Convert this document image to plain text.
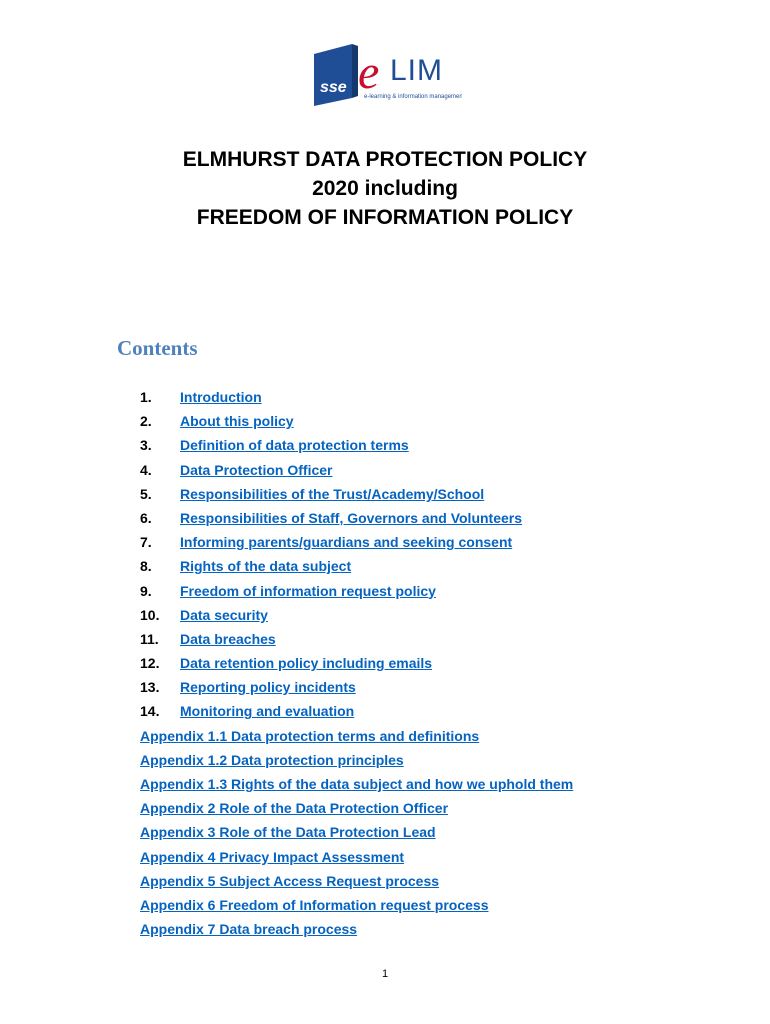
sse e LIM
e-learning & information management
ELMHURST DATA PROTECTION POLICY
2020 including
FREEDOM OF INFORMATION POLICY
Contents
1. Introduction
2. About this policy
3. Definition of data protection terms
4. Data Protection Officer
5. Responsibilities of the Trust/Academy/School
6. Responsibilities of Staff, Governors and Volunteers
7. Informing parents/guardians and seeking consent
8. Rights of the data subject
9. Freedom of information request policy
10. Data security
11. Data breaches
12. Data retention policy including emails
13. Reporting policy incidents
14. Monitoring and evaluation
Appendix 1.1 Data protection terms and definitions
Appendix 1.2 Data protection principles
Appendix 1.3 Rights of the data subject and how we uphold them
Appendix 2 Role of the Data Protection Officer
Appendix 3 Role of the Data Protection Lead
Appendix 4 Privacy Impact Assessment
Appendix 5 Subject Access Request process
Appendix 6 Freedom of Information request process
Appendix 7 Data breach process
1
